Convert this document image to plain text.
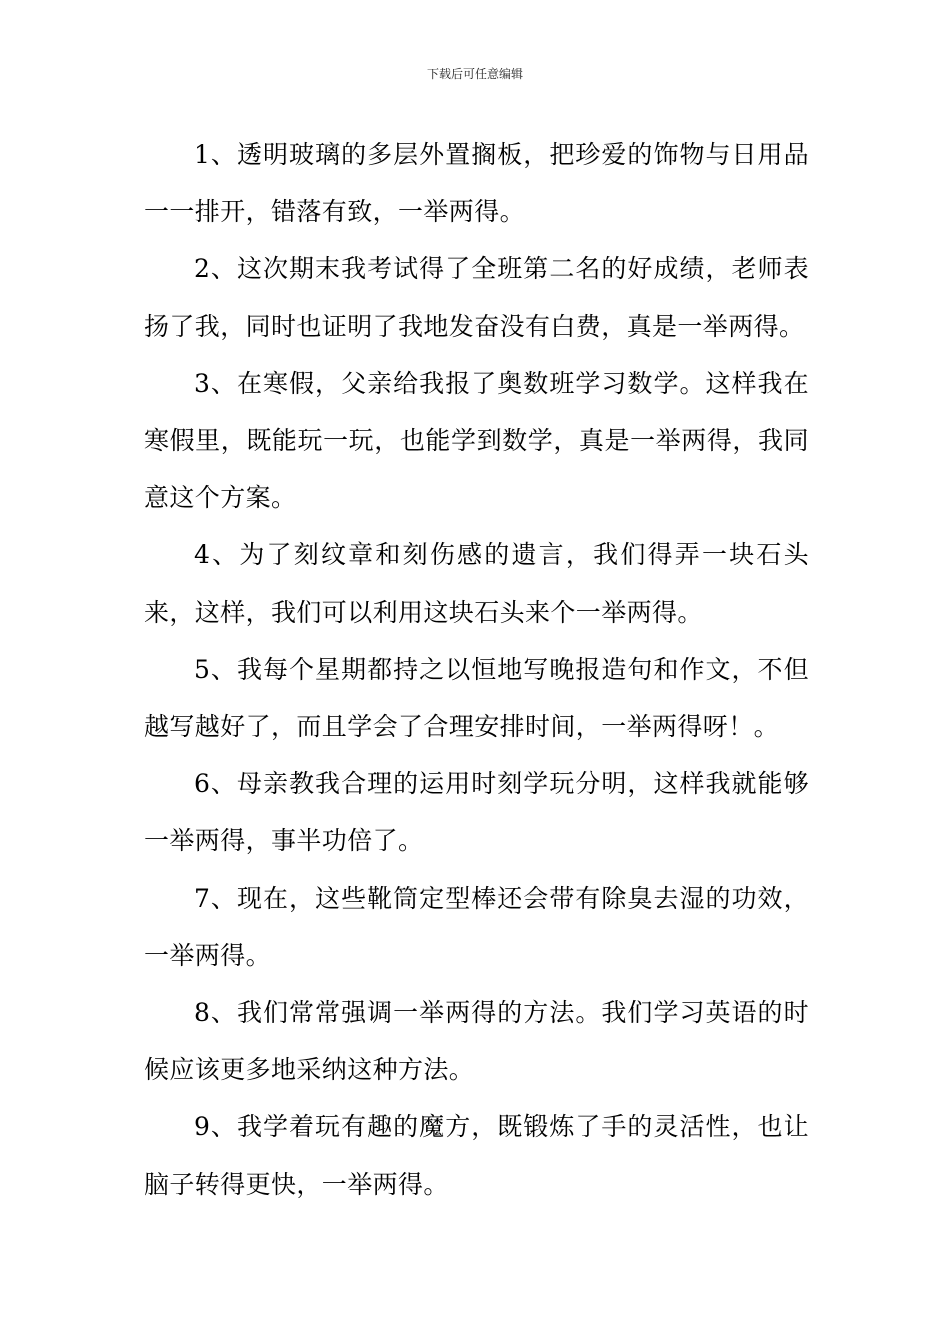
下载后可任意编辑

1、透明玻璃的多层外置搁板，把珍爱的饰物与日用品一一排开，错落有致，一举两得。

2、这次期末我考试得了全班第二名的好成绩，老师表扬了我，同时也证明了我地发奋没有白费，真是一举两得。

3、在寒假，父亲给我报了奥数班学习数学。这样我在寒假里，既能玩一玩，也能学到数学，真是一举两得，我同意这个方案。

4、为了刻纹章和刻伤感的遗言，我们得弄一块石头来，这样，我们可以利用这块石头来个一举两得。

5、我每个星期都持之以恒地写晚报造句和作文，不但越写越好了，而且学会了合理安排时间，一举两得呀！。

6、母亲教我合理的运用时刻学玩分明，这样我就能够一举两得，事半功倍了。

7、现在，这些靴筒定型棒还会带有除臭去湿的功效，一举两得。

8、我们常常强调一举两得的方法。我们学习英语的时候应该更多地采纳这种方法。

9、我学着玩有趣的魔方，既锻炼了手的灵活性，也让脑子转得更快，一举两得。
